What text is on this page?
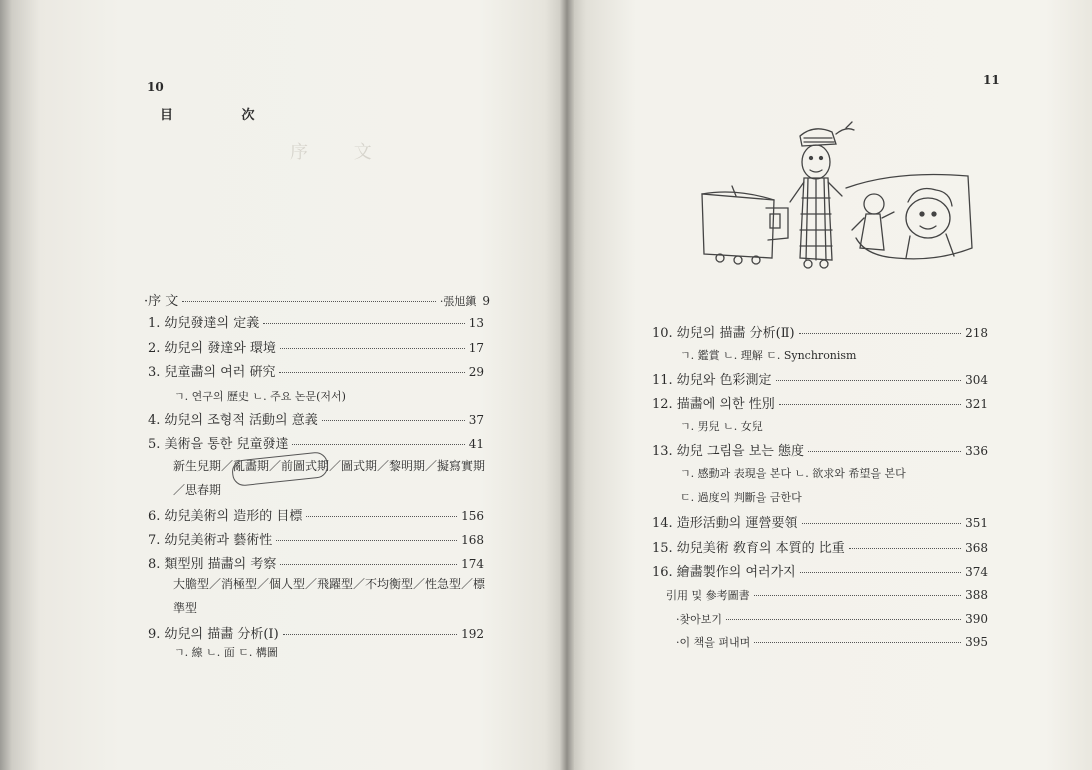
序 文
10
目 次
·序 文	·張旭鎭 9
1. 幼兒發達의 定義	13
2. 幼兒의 發達와 環境	17
3. 兒童畵의 여러 硏究	29
ㄱ. 연구의 歷史 ㄴ. 주요 논문(저서)
4. 幼兒의 조형적 活動의 意義	37
5. 美術을 통한 兒童發達	41
新生兒期／亂畵期／前圖式期／圖式期／黎明期／擬寫實期
／思春期
6. 幼兒美術의 造形的 目標	156
7. 幼兒美術과 藝術性	168
8. 類型別 描畵의 考察	174
大膽型／消極型／個人型／飛躍型／不均衡型／性急型／標
準型
9. 幼兒의 描畵 分析(Ⅰ)	192
ㄱ. 線 ㄴ. 面 ㄷ. 構圖
11
10. 幼兒의 描畵 分析(Ⅱ)	218
ㄱ. 鑑賞 ㄴ. 理解 ㄷ. Synchronism
11. 幼兒와 色彩測定	304
12. 描畵에 의한 性別	321
ㄱ. 男兒 ㄴ. 女兒
13. 幼兒 그림을 보는 態度	336
ㄱ. 感動과 表現을 본다 ㄴ. 欲求와 希望을 본다
ㄷ. 過度의 判斷을 금한다
14. 造形活動의 運營要領	351
15. 幼兒美術 敎育의 本質的 比重	368
16. 繪畵製作의 여러가지	374
引用 및 參考圖書	388
·찾아보기	390
·이 책을 펴내며	395
